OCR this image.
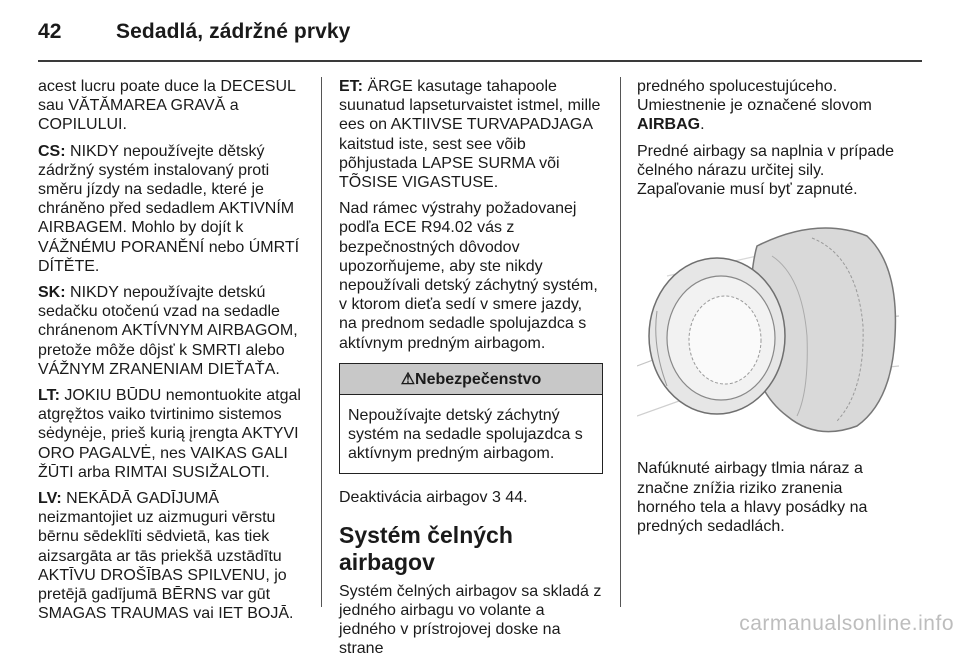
42	Sedadlá, zádržné prvky

acest lucru poate duce la DECESUL sau VĂTĂMAREA GRAVĂ a COPILULUI.

CS: NIKDY nepoužívejte dětský zádržný systém instalovaný proti směru jízdy na sedadle, které je chráněno před sedadlem AKTIVNÍM AIRBAGEM. Mohlo by dojít k VÁŽNÉMU PORANĚNÍ nebo ÚMRTÍ DÍTĚTE.

SK: NIKDY nepoužívajte detskú sedačku otočenú vzad na sedadle chránenom AKTÍVNYM AIRBAGOM, pretože môže dôjsť k SMRTI alebo VÁŽNYM ZRANENIAM DIEŤAŤA.

LT: JOKIU BŪDU nemontuokite atgal atgręžtos vaiko tvirtinimo sistemos sėdynėje, prieš kurią įrengta AKTYVI ORO PAGALVĖ, nes VAIKAS GALI ŽŪTI arba RIMTAI SUSIŽALOTI.

LV: NEKĀDĀ GADĪJUMĀ neizmantojiet uz aizmuguri vērstu bērnu sēdeklīti sēdvietā, kas tiek aizsargāta ar tās priekšā uzstādītu AKTĪVU DROŠĪBAS SPILVENU, jo pretējā gadījumā BĒRNS var gūt SMAGAS TRAUMAS vai IET BOJĀ.

ET: ÄRGE kasutage tahapoole suunatud lapseturvaistet istmel, mille ees on AKTIIVSE TURVAPADJAGA kaitstud iste, sest see võib põhjustada LAPSE SURMA või TÕSISE VIGASTUSE.

Nad rámec výstrahy požadovanej podľa ECE R94.02 vás z bezpečnostných dôvodov upozorňujeme, aby ste nikdy nepoužívali detský záchytný systém, v ktorom dieťa sedí v smere jazdy, na prednom sedadle spolujazdca s aktívnym predným airbagom.

⚠Nebezpečenstvo
Nepoužívajte detský záchytný systém na sedadle spolujazdca s aktívnym predným airbagom.

Deaktivácia airbagov 3 44.

Systém čelných airbagov

Systém čelných airbagov sa skladá z jedného airbagu vo volante a jedného v prístrojovej doske na strane

predného spolucestujúceho. Umiestnenie je označené slovom
AIRBAG.

Predné airbagy sa naplnia v prípade čelného nárazu určitej sily.
Zapaľovanie musí byť zapnuté.

Nafúknuté airbagy tlmia náraz a značne znížia riziko zranenia horného tela a hlavy posádky na predných sedadlách.

carmanualsonline.info
